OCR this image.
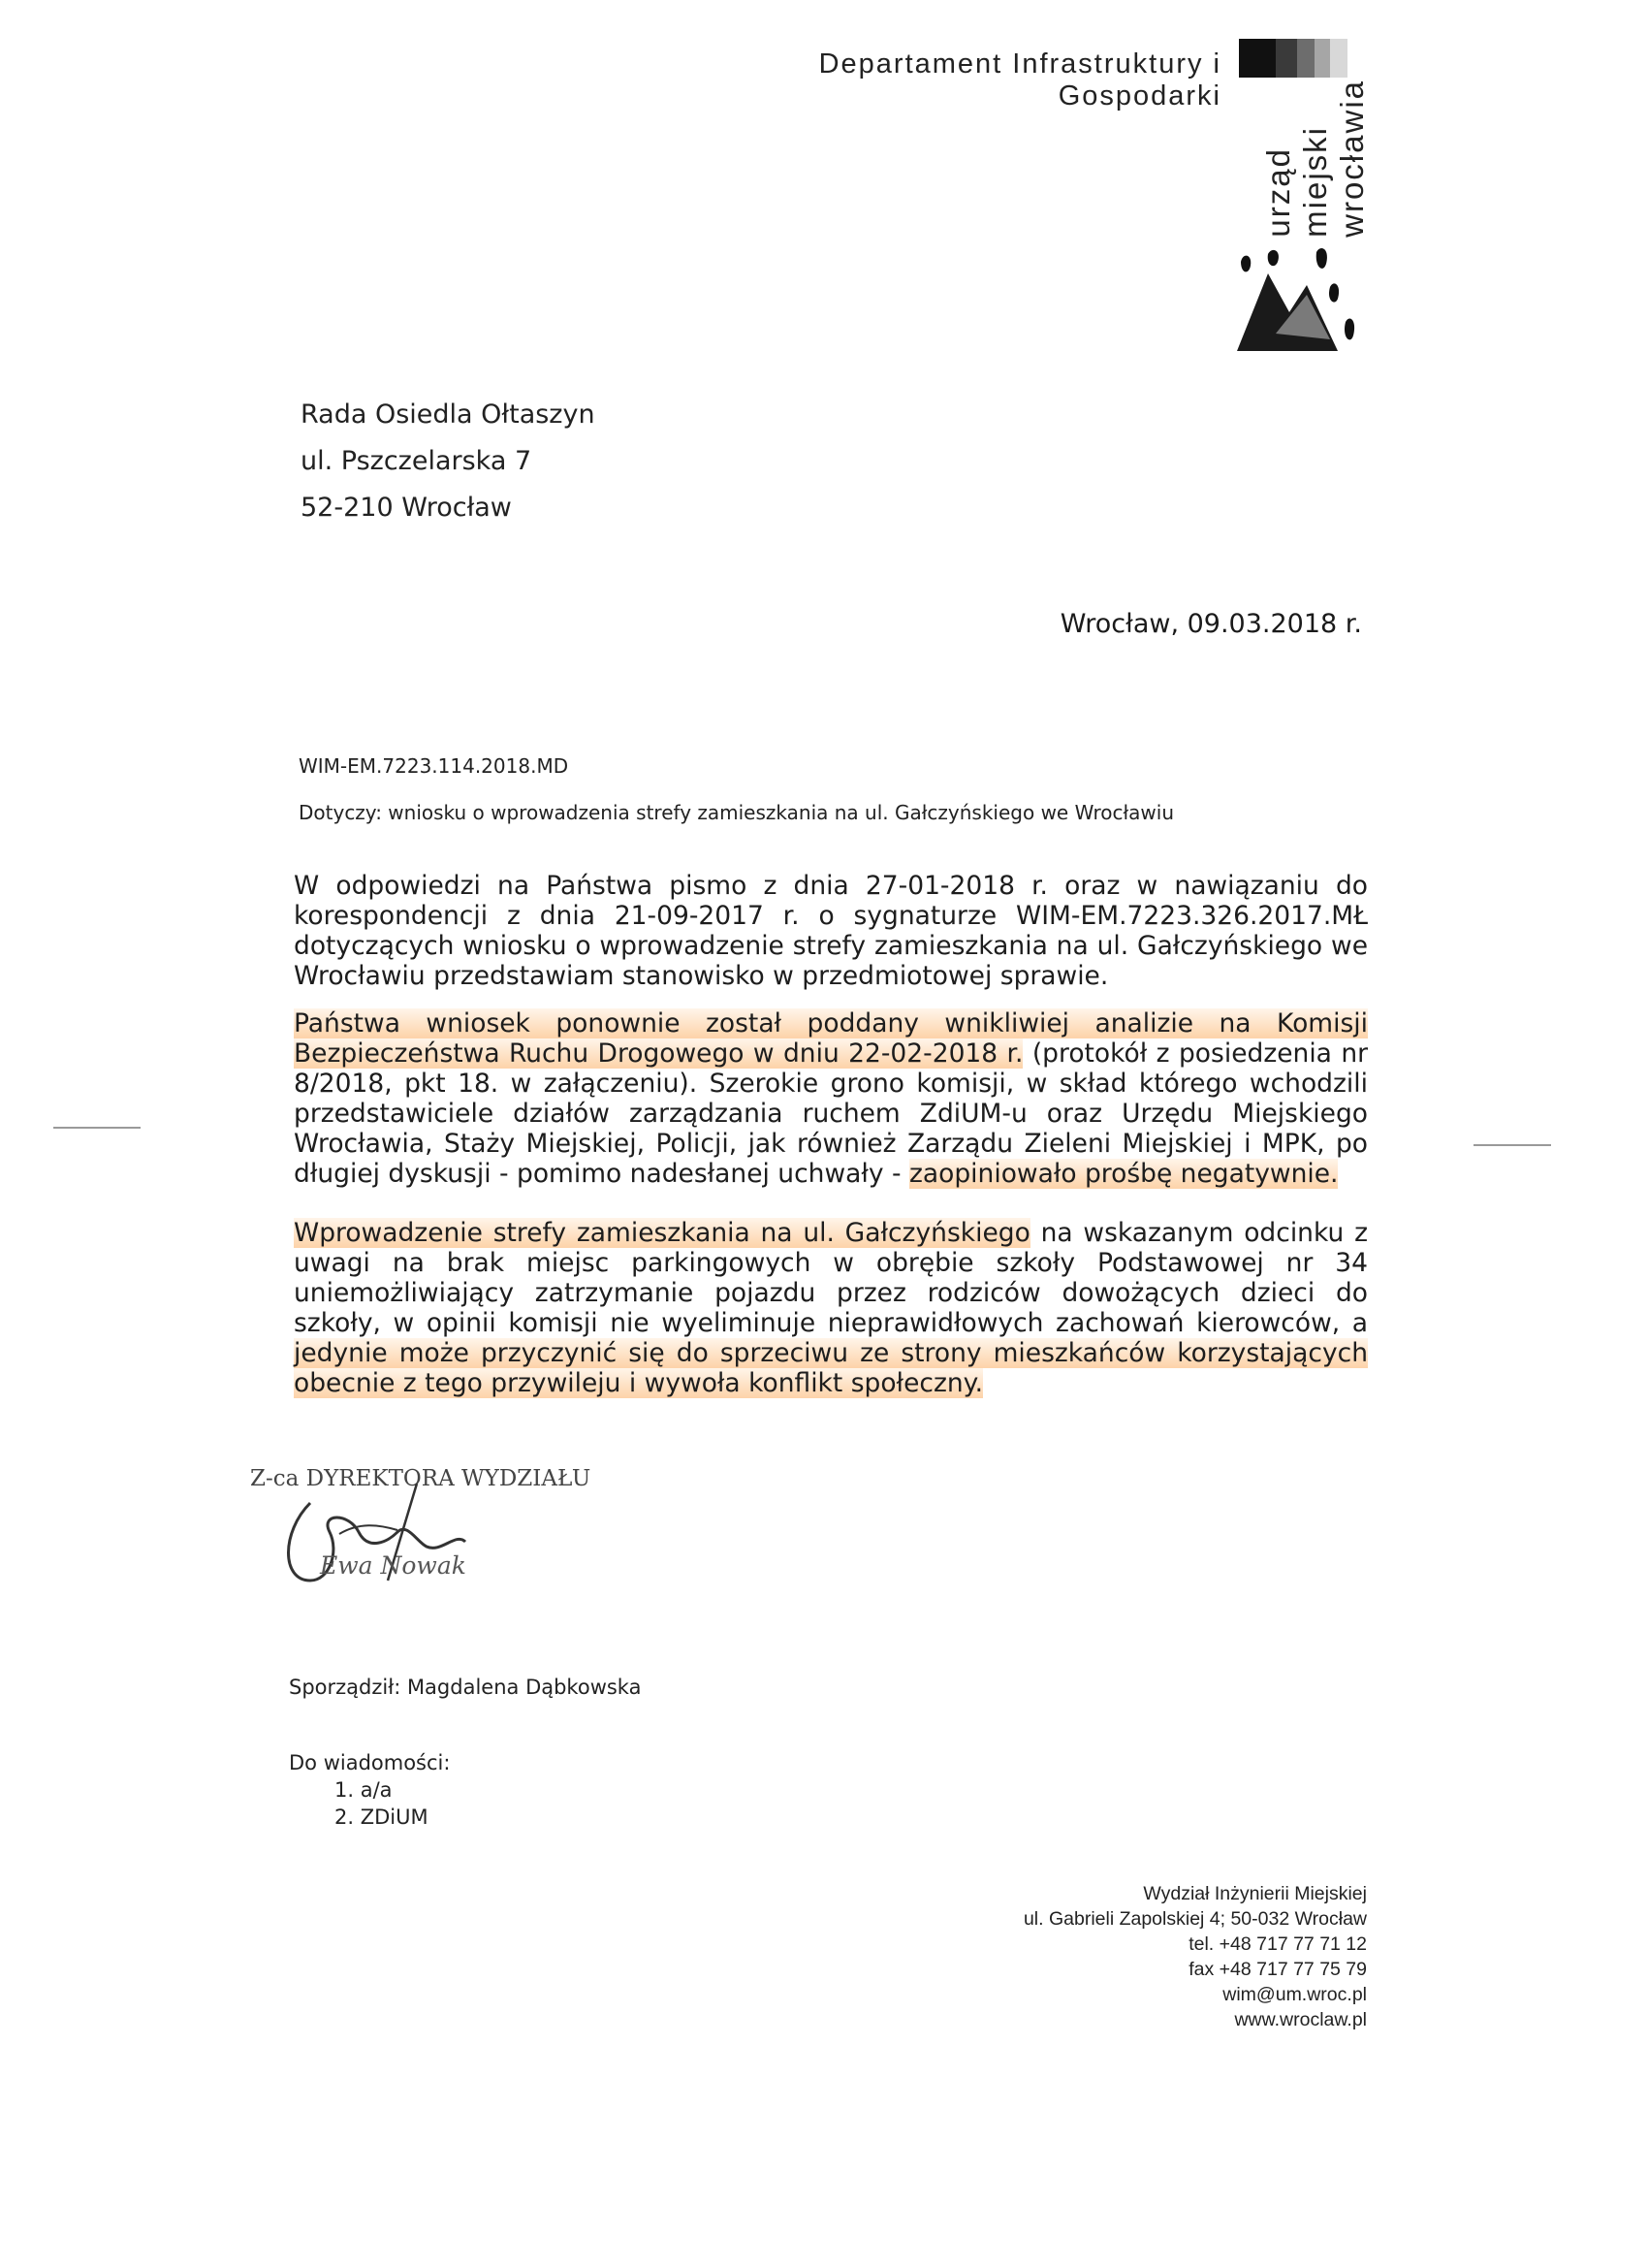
Departament Infrastruktury i Gospodarki
urząd miejski wrocławia
Rada Osiedla Ołtaszyn
ul. Pszczelarska 7
52-210 Wrocław
Wrocław, 09.03.2018 r.
WIM-EM.7223.114.2018.MD
Dotyczy: wniosku o wprowadzenia strefy zamieszkania na ul. Gałczyńskiego we Wrocławiu
W odpowiedzi na Państwa pismo z dnia 27-01-2018 r. oraz w nawiązaniu do korespondencji z dnia 21-09-2017 r. o sygnaturze WIM-EM.7223.326.2017.MŁ dotyczących wniosku o wprowadzenie strefy zamieszkania na ul. Gałczyńskiego we Wrocławiu przedstawiam stanowisko w przedmiotowej sprawie.
Państwa wniosek ponownie został poddany wnikliwiej analizie na Komisji Bezpieczeństwa Ruchu Drogowego w dniu 22-02-2018 r. (protokół z posiedzenia nr 8/2018, pkt 18. w załączeniu). Szerokie grono komisji, w skład którego wchodzili przedstawiciele działów zarządzania ruchem ZdiUM-u oraz Urzędu Miejskiego Wrocławia, Staży Miejskiej, Policji, jak również Zarządu Zieleni Miejskiej i MPK, po długiej dyskusji - pomimo nadesłanej uchwały - zaopiniowało prośbę negatywnie.
Wprowadzenie strefy zamieszkania na ul. Gałczyńskiego na wskazanym odcinku z uwagi na brak miejsc parkingowych w obrębie szkoły Podstawowej nr 34 uniemożliwiający zatrzymanie pojazdu przez rodziców dowożących dzieci do szkoły, w opinii komisji nie wyeliminuje nieprawidłowych zachowań kierowców, a jedynie może przyczynić się do sprzeciwu ze strony mieszkańców korzystających obecnie z tego przywileju i wywoła konflikt społeczny.
Z-ca DYREKTORA WYDZIAŁU
Ewa Nowak
Sporządził: Magdalena Dąbkowska
Do wiadomości:
1. a/a
2. ZDiUM
Wydział Inżynierii Miejskiej
ul. Gabrieli Zapolskiej 4; 50-032 Wrocław
tel. +48 717 77 71 12
fax +48 717 77 75 79
wim@um.wroc.pl
www.wroclaw.pl
